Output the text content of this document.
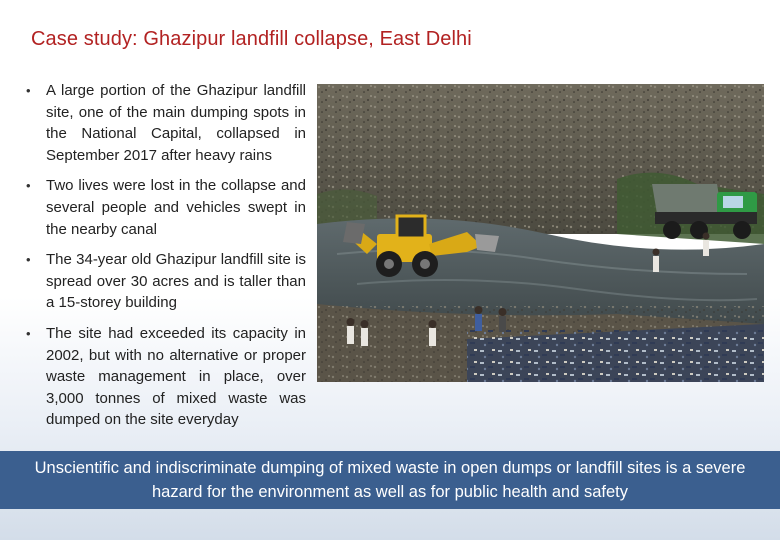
Case study: Ghazipur landfill collapse, East Delhi
• A large portion of the Ghazipur landfill site, one of the main dumping spots in the National Capital, collapsed in September 2017 after heavy rains
• Two lives were lost in the collapse and several people and vehicles swept in the nearby canal
• The 34-year old Ghazipur landfill site is spread over 30 acres and is taller than a 15-storey building
• The site had exceeded its capacity in 2002, but with no alternative or proper waste management in place, over 3,000 tonnes of mixed waste was dumped on the site everyday
Unscientific and indiscriminate dumping of mixed waste in open dumps or landfill sites is a severe hazard for the environment as well as for public health and safety
